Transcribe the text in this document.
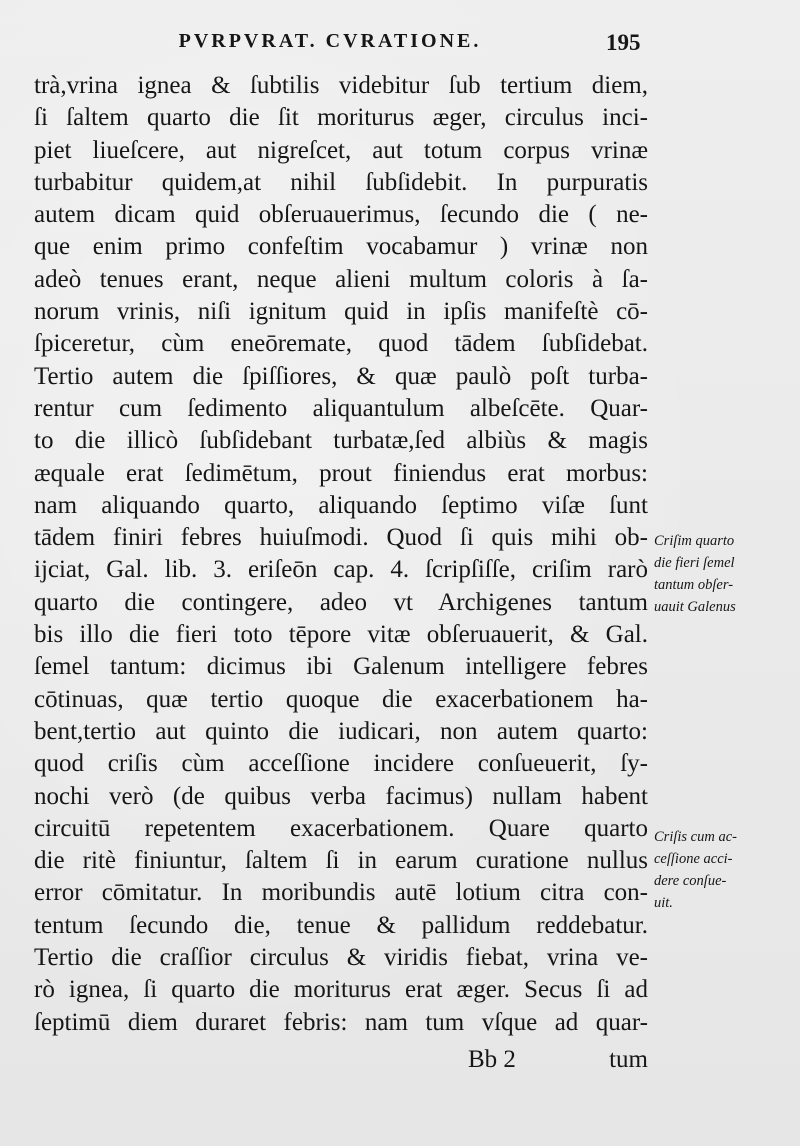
PVRPVRAT. CVRATIONE.	195
trà,vrina ignea & ſubtilis videbitur ſub tertium diem,
ſi ſaltem quarto die ſit moriturus æger, circulus inci-
piet liueſcere, aut nigreſcet, aut totum corpus vrinæ
turbabitur quidem,at nihil ſubſidebit. In purpuratis
autem dicam quid obſeruauerimus, ſecundo die ( ne-
que enim primo confeſtim vocabamur ) vrinæ non
adeò tenues erant, neque alieni multum coloris à ſa-
norum vrinis, niſi ignitum quid in ipſis manifeſtè cō-
ſpiceretur, cùm eneōremate, quod tādem ſubſidebat.
Tertio autem die ſpiſſiores, & quæ paulò poſt turba-
rentur cum ſedimento aliquantulum albeſcēte. Quar-
to die illicò ſubſidebant turbatæ,ſed albiùs & magis
æquale erat ſedimētum, prout finiendus erat morbus:
nam aliquando quarto, aliquando ſeptimo viſæ ſunt
tādem finiri febres huiuſmodi. Quod ſi quis mihi ob-
ijciat, Gal. lib. 3. eriſeōn cap. 4. ſcripſiſſe, criſim rarò
quarto die contingere, adeo vt Archigenes tantum
bis illo die fieri toto tēpore vitæ obſeruauerit, & Gal.
ſemel tantum: dicimus ibi Galenum intelligere febres
cōtinuas, quæ tertio quoque die exacerbationem ha-
bent,tertio aut quinto die iudicari, non autem quarto:
quod criſis cùm acceſſione incidere conſueuerit, ſy-
nochi verò (de quibus verba facimus) nullam habent
circuitū repetentem exacerbationem. Quare quarto
die ritè finiuntur, ſaltem ſi in earum curatione nullus
error cōmitatur. In moribundis autē lotium citra con-
tentum ſecundo die, tenue & pallidum reddebatur.
Tertio die craſſior circulus & viridis fiebat, vrina ve-
rò ignea, ſi quarto die moriturus erat æger. Secus ſi ad
ſeptimū diem duraret febris: nam tum vſque ad quar-
Criſim quarto
die fieri ſemel
tantum obſer-
uauit Galenus
Criſis cum ac-
ceſſione acci-
dere conſue-
uit.
Bb 2	tum
